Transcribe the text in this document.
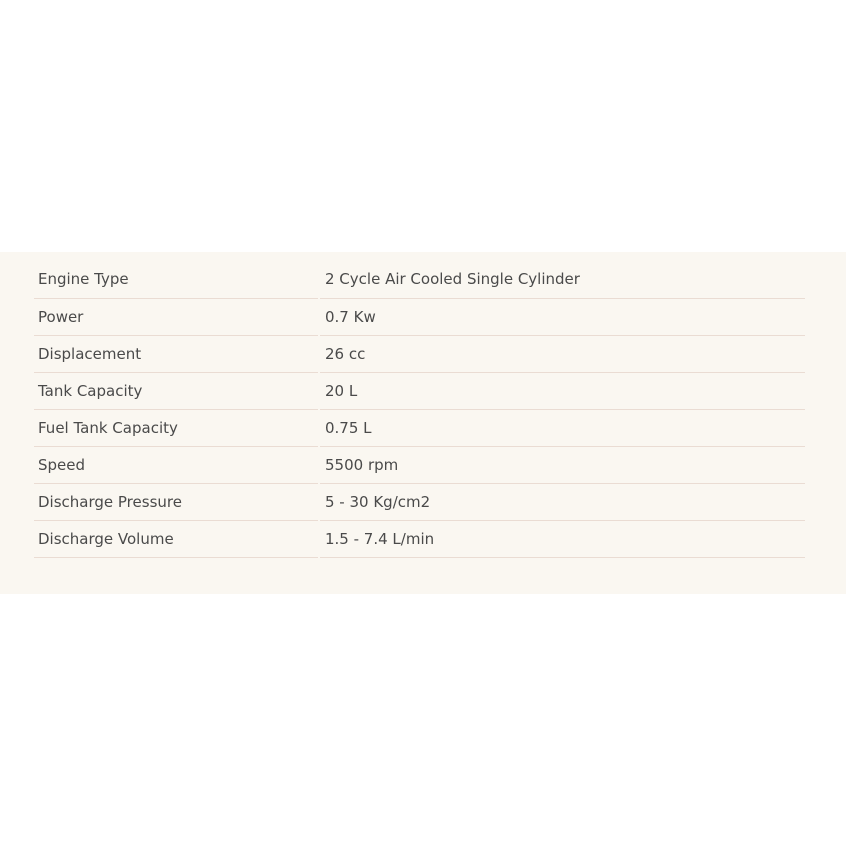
Engine Type	2 Cycle Air Cooled Single Cylinder
Power	0.7 Kw
Displacement	26 cc
Tank Capacity	20 L
Fuel Tank Capacity	0.75 L
Speed	5500 rpm
Discharge Pressure	5 - 30 Kg/cm2
Discharge Volume	1.5 - 7.4 L/min
